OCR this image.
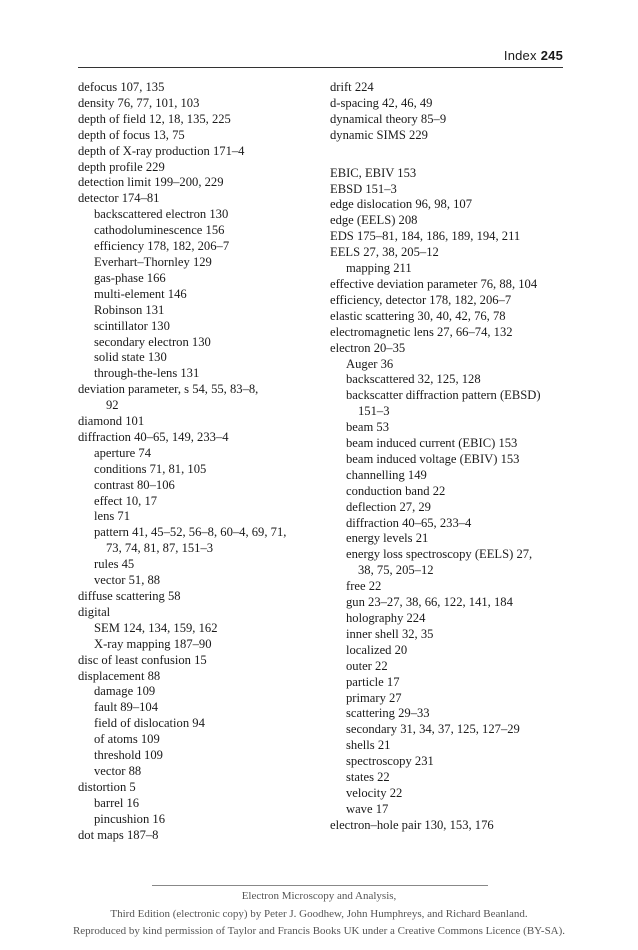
Index 245
defocus 107, 135
density 76, 77, 101, 103
depth of field 12, 18, 135, 225
depth of focus 13, 75
depth of X-ray production 171–4
depth profile 229
detection limit 199–200, 229
detector 174–81
backscattered electron 130
cathodoluminescence 156
efficiency 178, 182, 206–7
Everhart–Thornley 129
gas-phase 166
multi-element 146
Robinson 131
scintillator 130
secondary electron 130
solid state 130
through-the-lens 131
deviation parameter, s 54, 55, 83–8,
92
diamond 101
diffraction 40–65, 149, 233–4
aperture 74
conditions 71, 81, 105
contrast 80–106
effect 10, 17
lens 71
pattern 41, 45–52, 56–8, 60–4, 69, 71,
73, 74, 81, 87, 151–3
rules 45
vector 51, 88
diffuse scattering 58
digital
SEM 124, 134, 159, 162
X-ray mapping 187–90
disc of least confusion 15
displacement 88
damage 109
fault 89–104
field of dislocation 94
of atoms 109
threshold 109
vector 88
distortion 5
barrel 16
pincushion 16
dot maps 187–8
drift 224
d-spacing 42, 46, 49
dynamical theory 85–9
dynamic SIMS 229
EBIC, EBIV 153
EBSD 151–3
edge dislocation 96, 98, 107
edge (EELS) 208
EDS 175–81, 184, 186, 189, 194, 211
EELS 27, 38, 205–12
mapping 211
effective deviation parameter 76, 88, 104
efficiency, detector 178, 182, 206–7
elastic scattering 30, 40, 42, 76, 78
electromagnetic lens 27, 66–74, 132
electron 20–35
Auger 36
backscattered 32, 125, 128
backscatter diffraction pattern (EBSD)
151–3
beam 53
beam induced current (EBIC) 153
beam induced voltage (EBIV) 153
channelling 149
conduction band 22
deflection 27, 29
diffraction 40–65, 233–4
energy levels 21
energy loss spectroscopy (EELS) 27,
38, 75, 205–12
free 22
gun 23–27, 38, 66, 122, 141, 184
holography 224
inner shell 32, 35
localized 20
outer 22
particle 17
primary 27
scattering 29–33
secondary 31, 34, 37, 125, 127–29
shells 21
spectroscopy 231
states 22
velocity 22
wave 17
electron–hole pair 130, 153, 176
Electron Microscopy and Analysis,
Third Edition (electronic copy) by Peter J. Goodhew, John Humphreys, and Richard Beanland.
Reproduced by kind permission of Taylor and Francis Books UK under a Creative Commons Licence (BY-SA).
